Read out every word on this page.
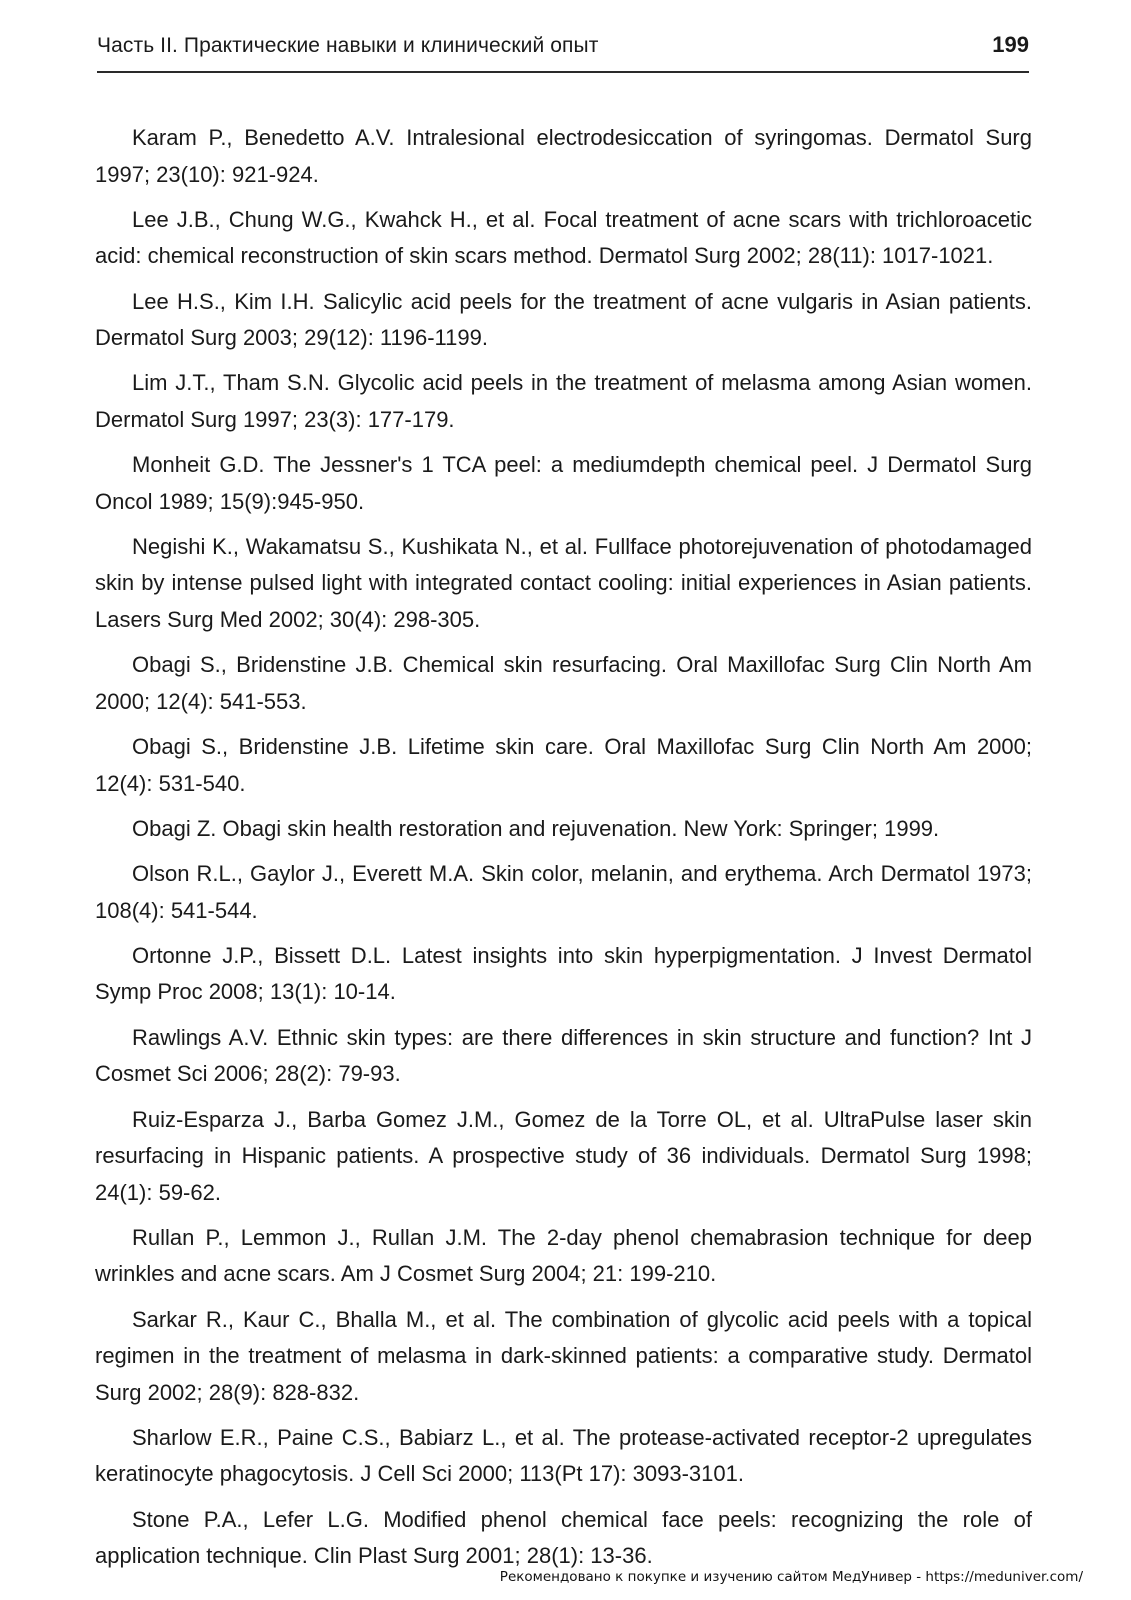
Часть II. Практические навыки и клинический опыт	199

Karam P., Benedetto A.V. Intralesional electrodesiccation of syringomas. Dermatol Surg 1997; 23(10): 921-924.

Lee J.B., Chung W.G., Kwahck H., et al. Focal treatment of acne scars with trichloroacetic acid: chemical reconstruction of skin scars method. Dermatol Surg 2002; 28(11): 1017-1021.

Lee H.S., Kim I.H. Salicylic acid peels for the treatment of acne vulgaris in Asian patients. Dermatol Surg 2003; 29(12): 1196-1199.

Lim J.T., Tham S.N. Glycolic acid peels in the treatment of melasma among Asian women. Dermatol Surg 1997; 23(3): 177-179.

Monheit G.D. The Jessner's 1 TCA peel: a mediumdepth chemical peel. J Dermatol Surg Oncol 1989; 15(9):945-950.

Negishi K., Wakamatsu S., Kushikata N., et al. Fullface photorejuvenation of photodamaged skin by intense pulsed light with integrated contact cooling: initial experiences in Asian patients. Lasers Surg Med 2002; 30(4): 298-305.

Obagi S., Bridenstine J.B. Chemical skin resurfacing. Oral Maxillofac Surg Clin North Am 2000; 12(4): 541-553.

Obagi S., Bridenstine J.B. Lifetime skin care. Oral Maxillofac Surg Clin North Am 2000; 12(4): 531-540.

Obagi Z. Obagi skin health restoration and rejuvenation. New York: Springer; 1999.

Olson R.L., Gaylor J., Everett M.A. Skin color, melanin, and erythema. Arch Dermatol 1973; 108(4): 541-544.

Ortonne J.P., Bissett D.L. Latest insights into skin hyperpigmentation. J Invest Dermatol Symp Proc 2008; 13(1): 10-14.

Rawlings A.V. Ethnic skin types: are there differences in skin structure and function? Int J Cosmet Sci 2006; 28(2): 79-93.

Ruiz-Esparza J., Barba Gomez J.M., Gomez de la Torre OL, et al. UltraPulse laser skin resurfacing in Hispanic patients. A prospective study of 36 individuals. Dermatol Surg 1998; 24(1): 59-62.

Rullan P., Lemmon J., Rullan J.M. The 2-day phenol chemabrasion technique for deep wrinkles and acne scars. Am J Cosmet Surg 2004; 21: 199-210.

Sarkar R., Kaur C., Bhalla M., et al. The combination of glycolic acid peels with a topical regimen in the treatment of melasma in dark-skinned patients: a comparative study. Dermatol Surg 2002; 28(9): 828-832.

Sharlow E.R., Paine C.S., Babiarz L., et al. The protease-activated receptor-2 upregulates keratinocyte phagocytosis. J Cell Sci 2000; 113(Pt 17): 3093-3101.

Stone P.A., Lefer L.G. Modified phenol chemical face peels: recognizing the role of application technique. Clin Plast Surg 2001; 28(1): 13-36.

Рекомендовано к покупке и изучению сайтом МедУнивер - https://meduniver.com/
